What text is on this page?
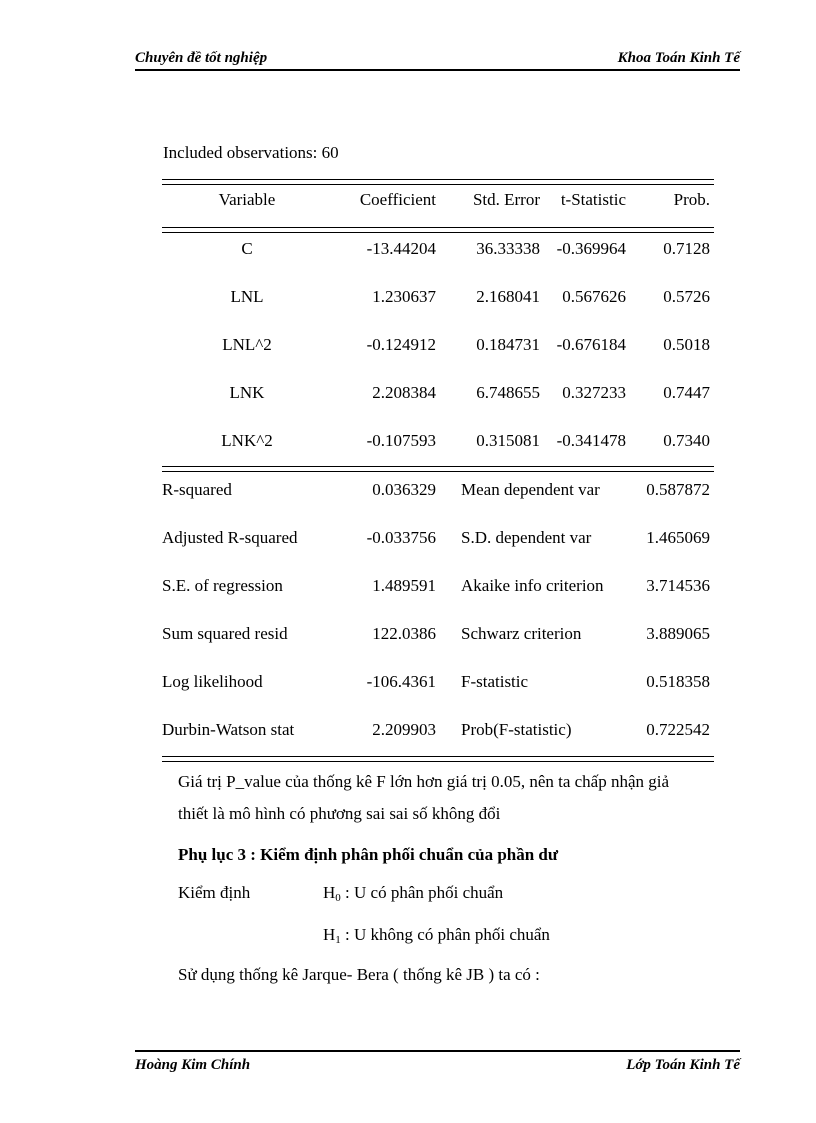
Chuyên đề tốt nghiệp	Khoa Toán Kinh Tế
Included observations: 60
Variable	Coefficient	Std. Error	t-Statistic	Prob.
C	-13.44204	36.33338	-0.369964	0.7128
LNL	1.230637	2.168041	0.567626	0.5726
LNL^2	-0.124912	0.184731	-0.676184	0.5018
LNK	2.208384	6.748655	0.327233	0.7447
LNK^2	-0.107593	0.315081	-0.341478	0.7340
R-squared	0.036329	Mean dependent var	0.587872
Adjusted R-squared	-0.033756	S.D. dependent var	1.465069
S.E. of regression	1.489591	Akaike info criterion	3.714536
Sum squared resid	122.0386	Schwarz criterion	3.889065
Log likelihood	-106.4361	F-statistic	0.518358
Durbin-Watson stat	2.209903	Prob(F-statistic)	0.722542
Giá trị P_value của thống kê F lớn hơn giá trị 0.05, nên ta chấp nhận giả
thiết là mô hình có phương sai sai số không đổi
Phụ lục 3 : Kiểm định phân phối chuẩn của phần dư
Kiểm định	$H_0$ : U có phân phối chuẩn
$H_1$ : U không có phân phối chuẩn
Sử dụng thống kê Jarque- Bera ( thống kê JB ) ta có :
Hoàng Kim Chính	Lớp Toán Kinh Tế
